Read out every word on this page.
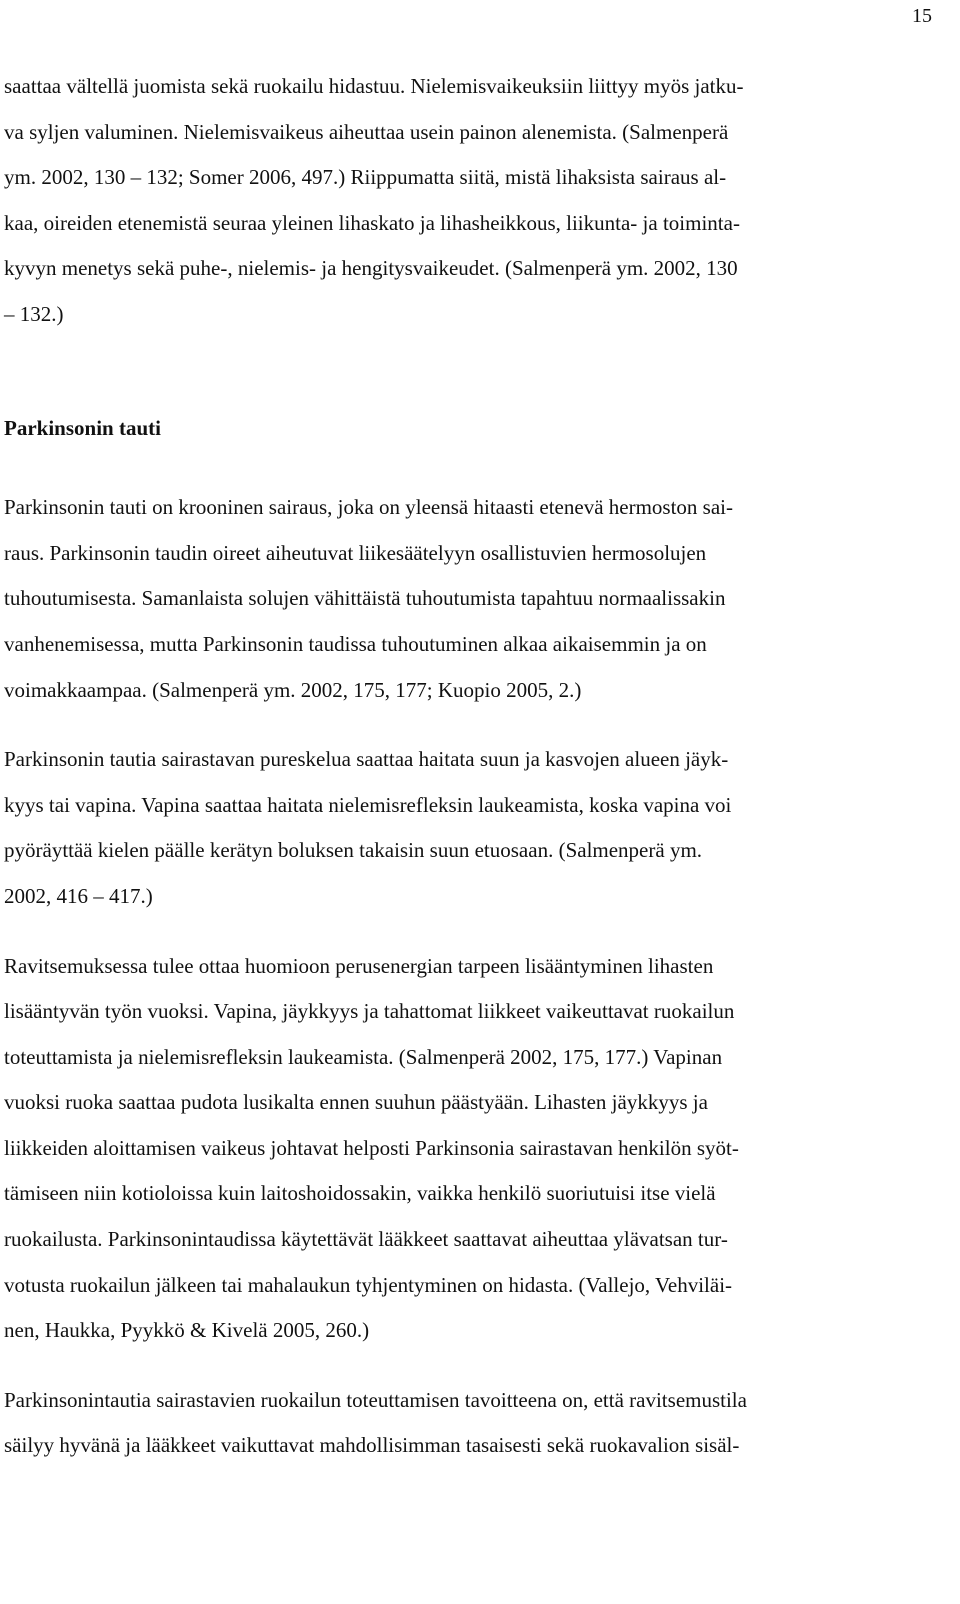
15

saattaa vältellä juomista sekä ruokailu hidastuu. Nielemisvaikeuksiin liittyy myös jatku-
va syljen valuminen. Nielemisvaikeus aiheuttaa usein painon alenemista. (Salmenperä
ym. 2002, 130 – 132; Somer 2006, 497.) Riippumatta siitä, mistä lihaksista sairaus al-
kaa, oireiden etenemistä seuraa yleinen lihaskato ja lihasheikkous, liikunta- ja toiminta-
kyvyn menetys sekä puhe-, nielemis- ja hengitysvaikeudet. (Salmenperä ym. 2002, 130
– 132.)

Parkinsonin tauti

Parkinsonin tauti on krooninen sairaus, joka on yleensä hitaasti etenevä hermoston sai-
raus. Parkinsonin taudin oireet aiheutuvat liikesäätelyyn osallistuvien hermosolujen
tuhoutumisesta. Samanlaista solujen vähittäistä tuhoutumista tapahtuu normaalissakin
vanhenemisessa, mutta Parkinsonin taudissa tuhoutuminen alkaa aikaisemmin ja on
voimakkaampaa. (Salmenperä ym. 2002, 175, 177; Kuopio 2005, 2.)

Parkinsonin tautia sairastavan pureskelua saattaa haitata suun ja kasvojen alueen jäyk-
kyys tai vapina. Vapina saattaa haitata nielemisrefleksin laukeamista, koska vapina voi
pyöräyttää kielen päälle kerätyn boluksen takaisin suun etuosaan. (Salmenperä ym.
2002, 416 – 417.)

Ravitsemuksessa tulee ottaa huomioon perusenergian tarpeen lisääntyminen lihasten
lisääntyvän työn vuoksi. Vapina, jäykkyys ja tahattomat liikkeet vaikeuttavat ruokailun
toteuttamista ja nielemisrefleksin laukeamista. (Salmenperä 2002, 175, 177.) Vapinan
vuoksi ruoka saattaa pudota lusikalta ennen suuhun päästyään. Lihasten jäykkyys ja
liikkeiden aloittamisen vaikeus johtavat helposti Parkinsonia sairastavan henkilön syöt-
tämiseen niin kotioloissa kuin laitoshoidossakin, vaikka henkilö suoriutuisi itse vielä
ruokailusta. Parkinsonintaudissa käytettävät lääkkeet saattavat aiheuttaa ylävatsan tur-
votusta ruokailun jälkeen tai mahalaukun tyhjentyminen on hidasta. (Vallejo, Vehviläi-
nen, Haukka, Pyykkö & Kivelä 2005, 260.)

Parkinsonintautia sairastavien ruokailun toteuttamisen tavoitteena on, että ravitsemustila
säilyy hyvänä ja lääkkeet vaikuttavat mahdollisimman tasaisesti sekä ruokavalion sisäl-
